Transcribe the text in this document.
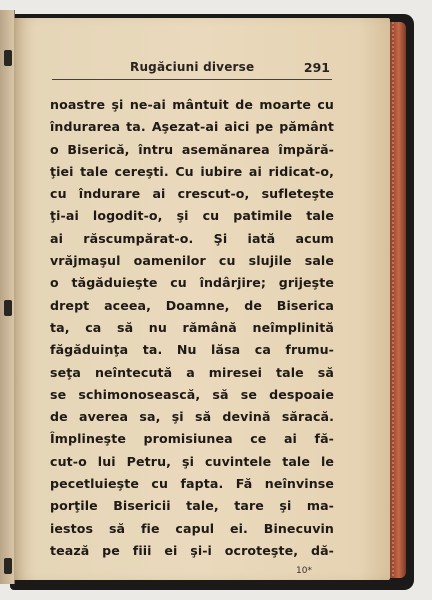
Rugăciuni diverse	291
noastre şi ne-ai mântuit de moarte cu
îndurarea ta. Aşezat-ai aici pe pământ
o Biserică, întru asemănarea împără-
ţiei tale cereşti. Cu iubire ai ridicat-o,
cu îndurare ai crescut-o, sufleteşte
ţi-ai logodit-o, şi cu patimile tale
ai răscumpărat-o. Şi iată acum
vrăjmaşul oamenilor cu slujile sale
o tăgăduieşte cu îndârjire; grijeşte
drept aceea, Doamne, de Biserica
ta, ca să nu rămână neîmplinită
făgăduinţa ta. Nu lăsa ca frumu-
seţa neîntecută a miresei tale să
se schimonosească, să se despoaie
de averea sa, şi să devină săracă.
Împlineşte promisiunea ce ai fă-
cut-o lui Petru, şi cuvintele tale le
pecetluieşte cu fapta. Fă neînvinse
porţile Bisericii tale, tare şi ma-
iestos să fie capul ei. Binecuvin
tează pe fiii ei şi-i ocroteşte, dă-
10*
